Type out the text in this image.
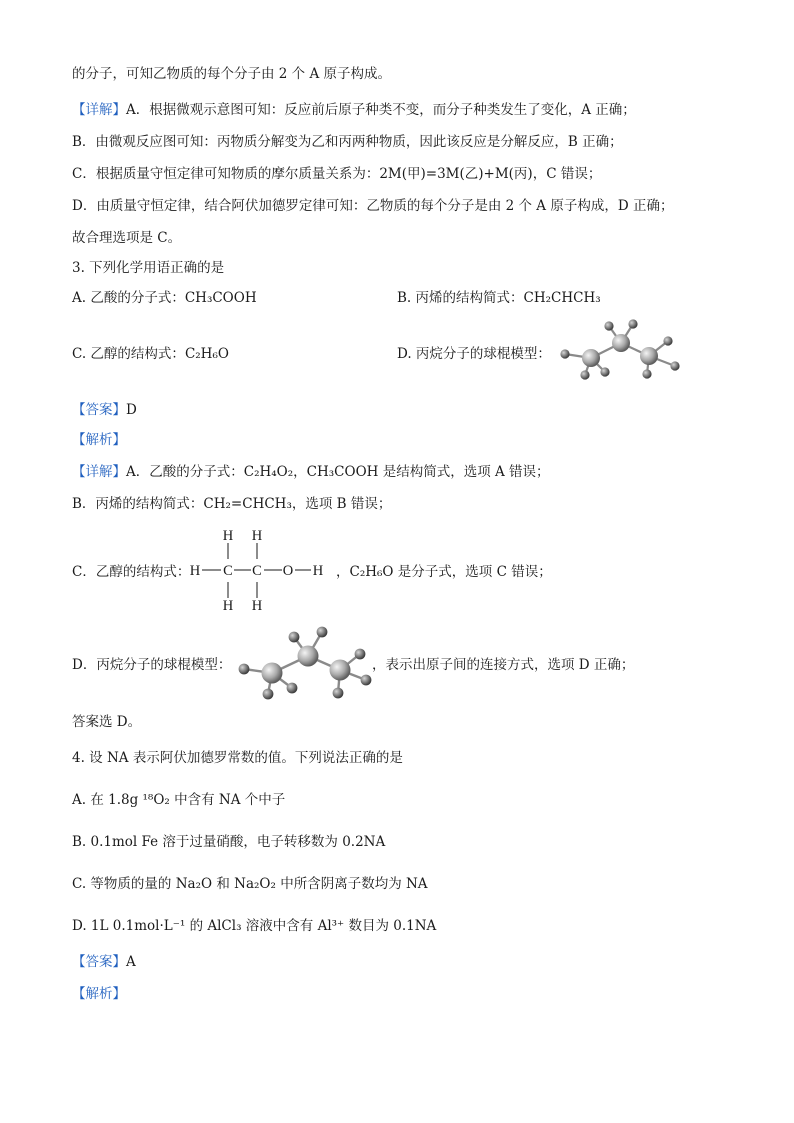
的分子，可知乙物质的每个分子由 2 个 A 原子构成。
【详解】A．根据微观示意图可知：反应前后原子种类不变，而分子种类发生了变化，A 正确；
B．由微观反应图可知：丙物质分解变为乙和丙两种物质，因此该反应是分解反应，B 正确；
C．根据质量守恒定律可知物质的摩尔质量关系为：2M(甲)=3M(乙)+M(丙)，C 错误；
D．由质量守恒定律，结合阿伏加德罗定律可知：乙物质的每个分子是由 2 个 A 原子构成，D 正确；
故合理选项是 C。
3. 下列化学用语正确的是
A. 乙酸的分子式：CH₃COOH	B. 丙烯的结构简式：CH₂CHCH₃
C. 乙醇的结构式：C₂H₆O	D. 丙烷分子的球棍模型：
【答案】D
【解析】
【详解】A．乙酸的分子式：C₂H₄O₂，CH₃COOH 是结构简式，选项 A 错误；
B．丙烯的结构简式：CH₂=CHCH₃，选项 B 错误；
C．乙醇的结构式：
H H
H C C O H
H H
，C₂H₆O 是分子式，选项 C 错误；
D．丙烷分子的球棍模型：	，表示出原子间的连接方式，选项 D 正确；
答案选 D。
4. 设 NA 表示阿伏加德罗常数的值。下列说法正确的是
A. 在 1.8g ¹⁸O₂ 中含有 NA 个中子
B. 0.1mol Fe 溶于过量硝酸，电子转移数为 0.2NA
C. 等物质的量的 Na₂O 和 Na₂O₂ 中所含阴离子数均为 NA
D. 1L 0.1mol·L⁻¹ 的 AlCl₃ 溶液中含有 Al³⁺ 数目为 0.1NA
【答案】A
【解析】
